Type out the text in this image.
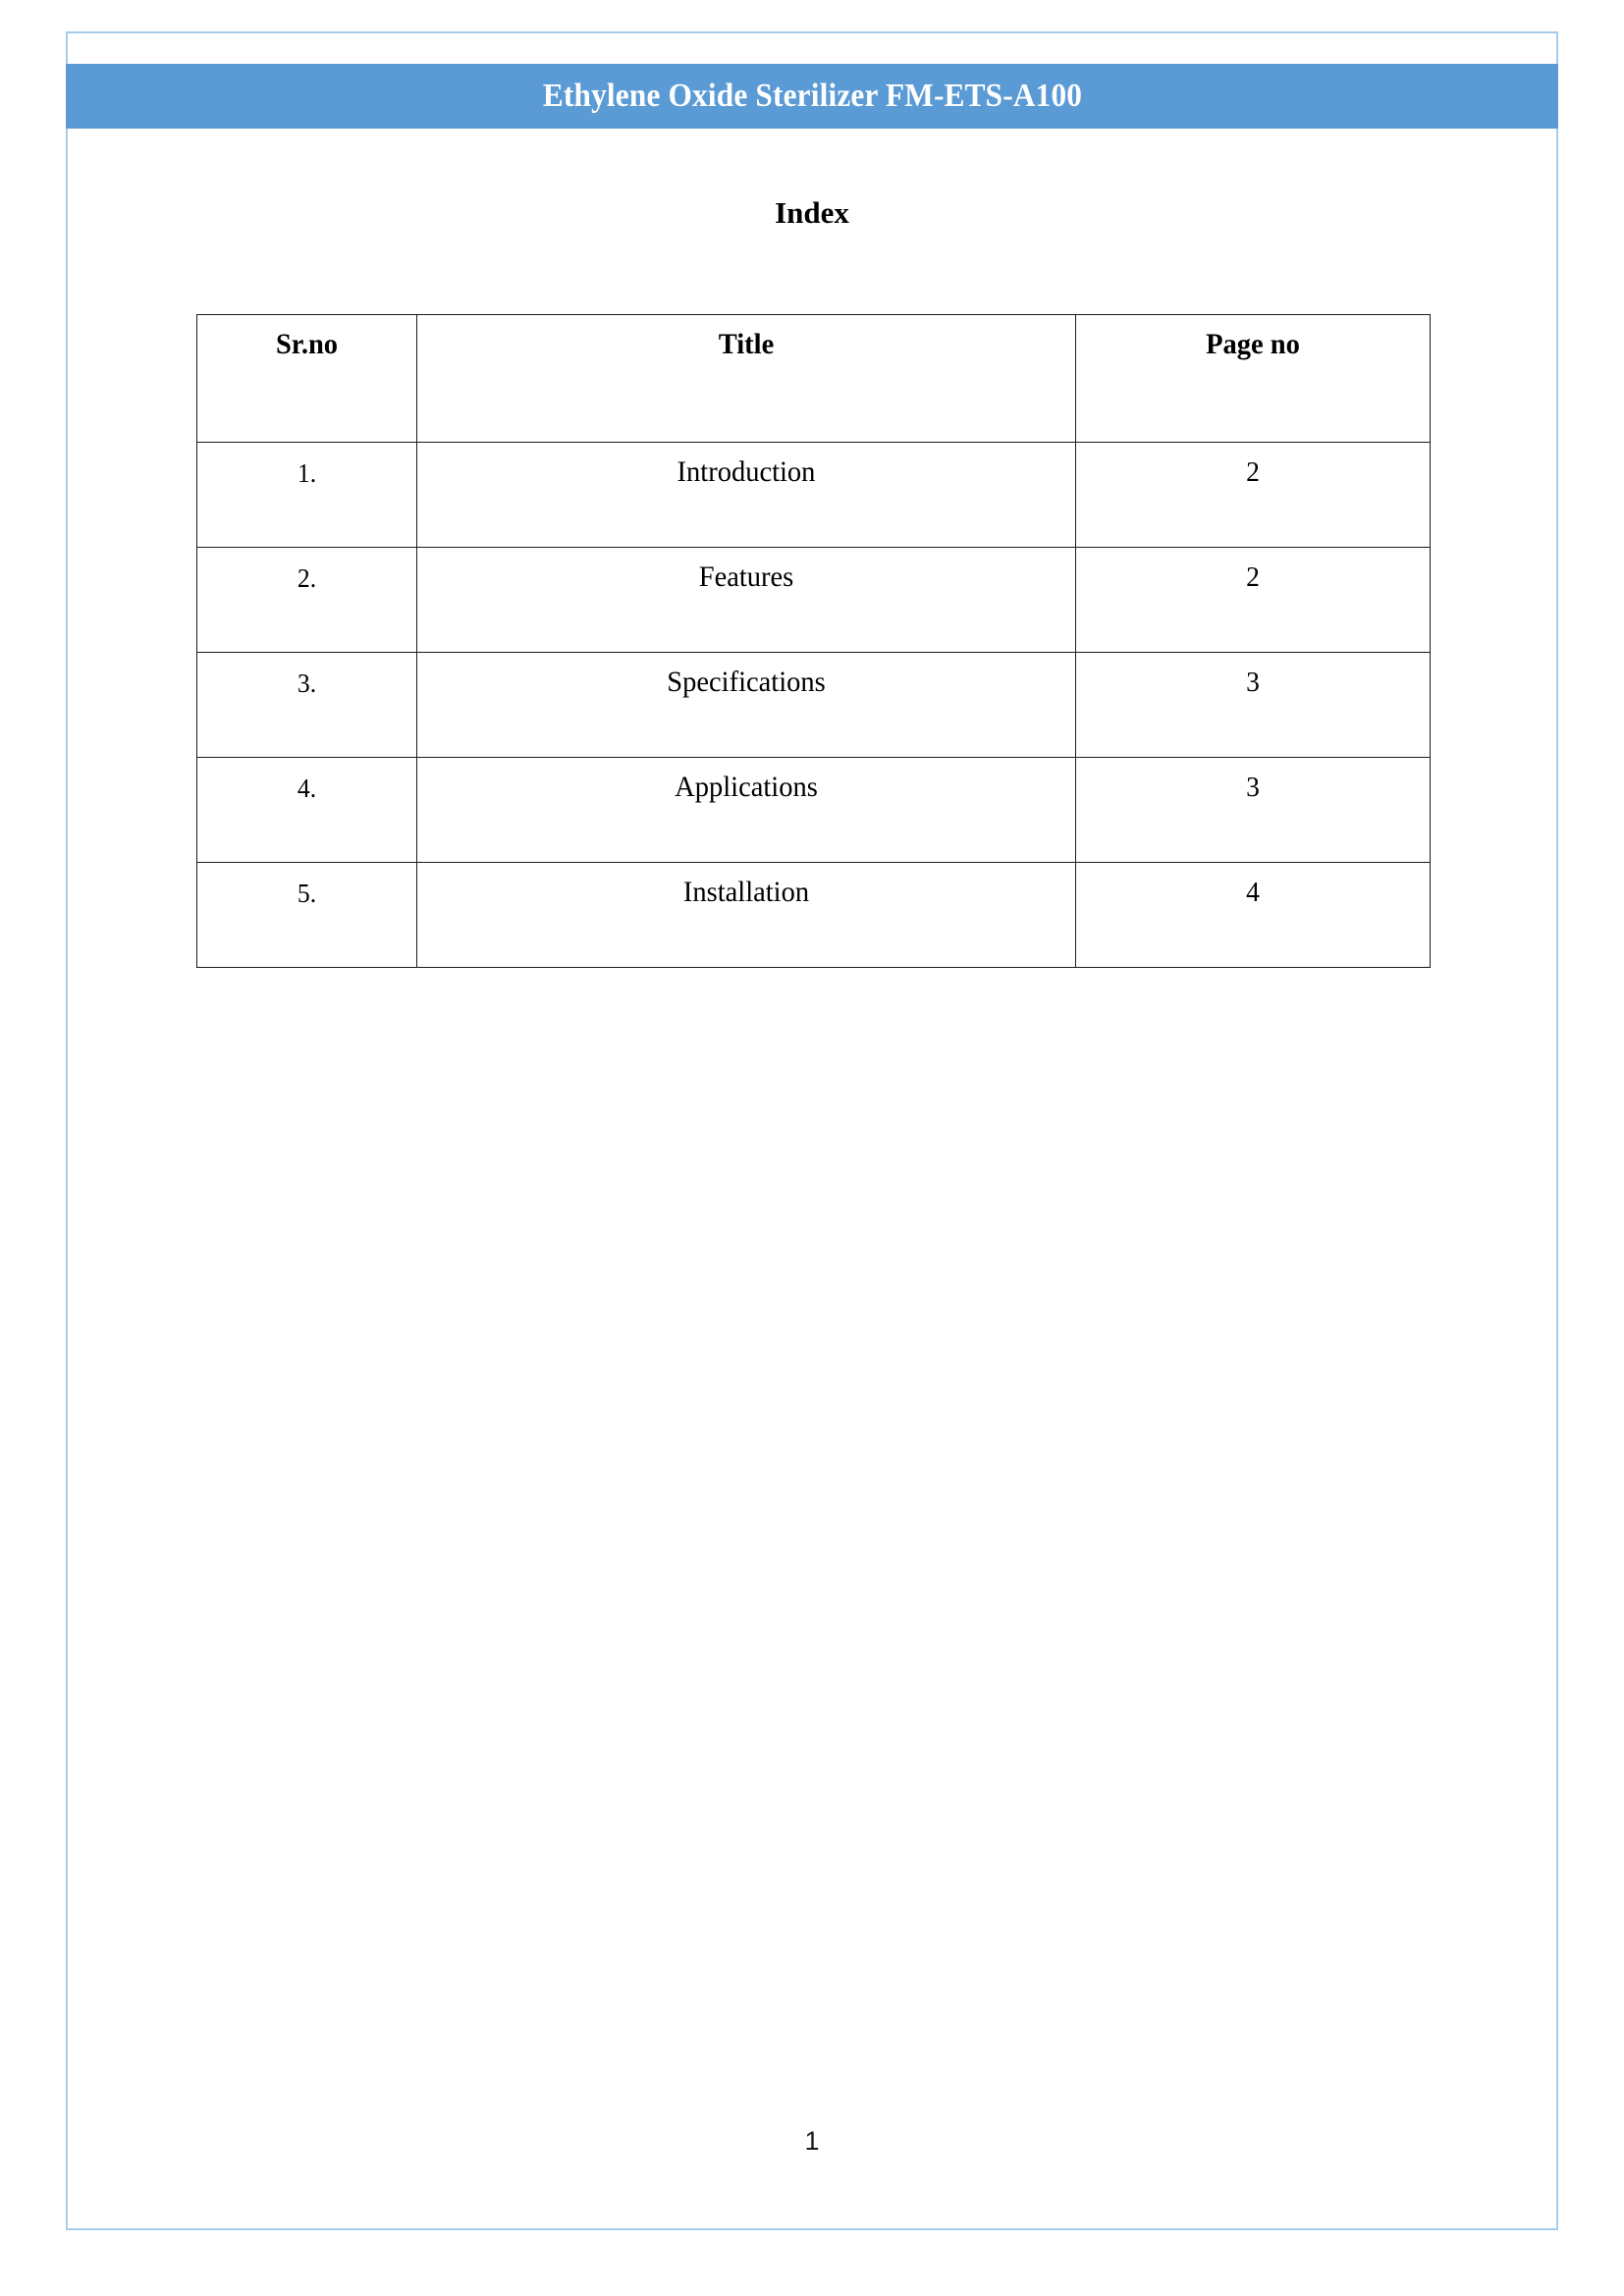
Ethylene Oxide Sterilizer FM-ETS-A100
Index
Sr.no	Title	Page no

1.	Introduction	2

2.	Features	2

3.	Specifications	3

4.	Applications	3

5.	Installation	4
1
